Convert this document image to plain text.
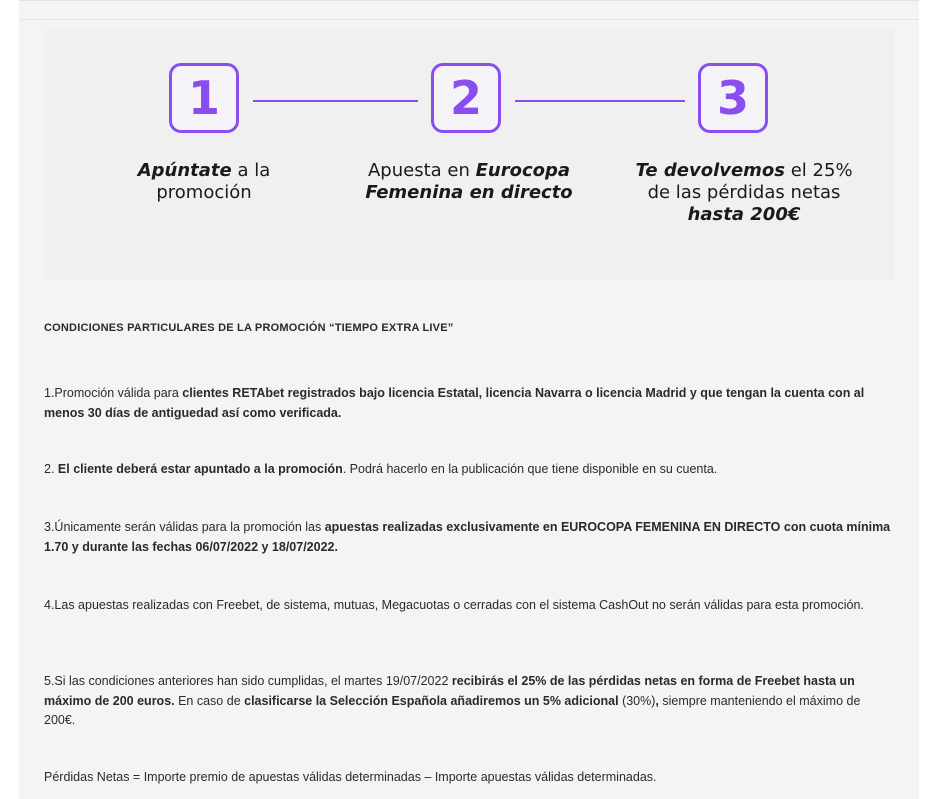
1	2	3
Apúntate a la
promoción
Apuesta en Eurocopa
Femenina en directo
Te devolvemos el 25%
de las pérdidas netas
hasta 200€

CONDICIONES PARTICULARES DE LA PROMOCIÓN “TIEMPO EXTRA LIVE”

1.Promoción válida para clientes RETAbet registrados bajo licencia Estatal, licencia Navarra o licencia Madrid y que tengan la cuenta con al menos 30 días de antiguedad así como verificada.

2. El cliente deberá estar apuntado a la promoción. Podrá hacerlo en la publicación que tiene disponible en su cuenta.

3.Únicamente serán válidas para la promoción las apuestas realizadas exclusivamente en EUROCOPA FEMENINA EN DIRECTO con cuota mínima 1.70 y durante las fechas 06/07/2022 y 18/07/2022.

4.Las apuestas realizadas con Freebet, de sistema, mutuas, Megacuotas o cerradas con el sistema CashOut no serán válidas para esta promoción.

5.Si las condiciones anteriores han sido cumplidas, el martes 19/07/2022 recibirás el 25% de las pérdidas netas en forma de Freebet hasta un máximo de 200 euros. En caso de clasificarse la Selección Española añadiremos un 5% adicional (30%), siempre manteniendo el máximo de 200€.

Pérdidas Netas = Importe premio de apuestas válidas determinadas – Importe apuestas válidas determinadas.
